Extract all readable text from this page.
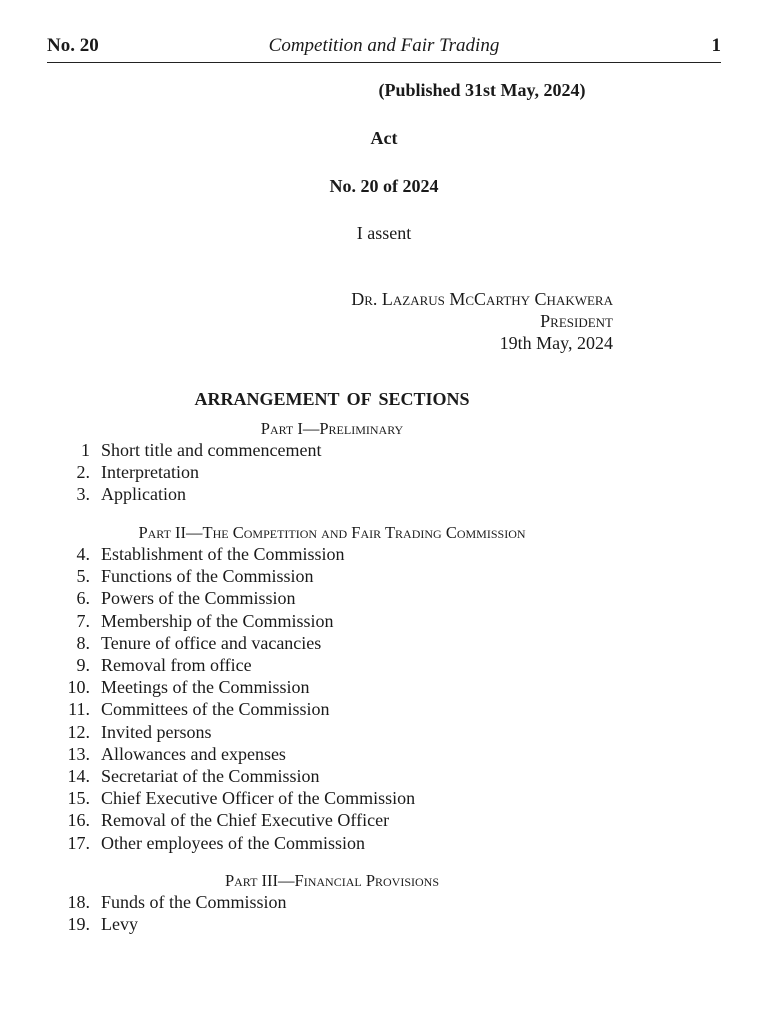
No. 20	Competition and Fair Trading	1
(Published 31st May, 2024)
Act
No. 20 of 2024
I assent
Dr. Lazarus McCarthy Chakwera
President
19th May, 2024
ARRANGEMENT OF SECTIONS
Part I—Preliminary
Part II—The Competition and Fair Trading Commission
Part III—Financial Provisions
1 Short title and commencement
2. Interpretation
3. Application
4. Establishment of the Commission
5. Functions of the Commission
6. Powers of the Commission
7. Membership of the Commission
8. Tenure of office and vacancies
9. Removal from office
10. Meetings of the Commission
11. Committees of the Commission
12. Invited persons
13. Allowances and expenses
14. Secretariat of the Commission
15. Chief Executive Officer of the Commission
16. Removal of the Chief Executive Officer
17. Other employees of the Commission
18. Funds of the Commission
19. Levy
